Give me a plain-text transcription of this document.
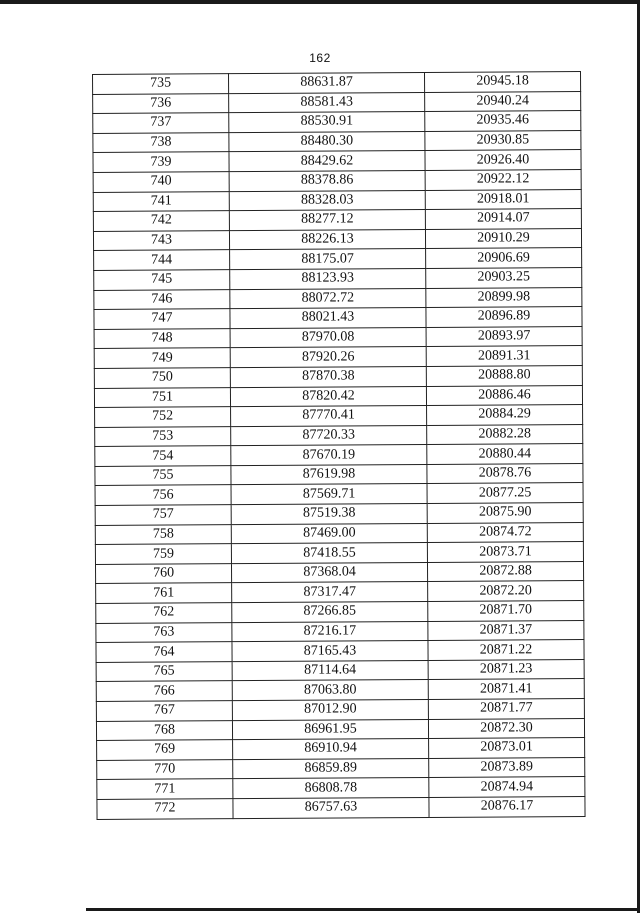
162
735	88631.87	20945.18
736	88581.43	20940.24
737	88530.91	20935.46
738	88480.30	20930.85
739	88429.62	20926.40
740	88378.86	20922.12
741	88328.03	20918.01
742	88277.12	20914.07
743	88226.13	20910.29
744	88175.07	20906.69
745	88123.93	20903.25
746	88072.72	20899.98
747	88021.43	20896.89
748	87970.08	20893.97
749	87920.26	20891.31
750	87870.38	20888.80
751	87820.42	20886.46
752	87770.41	20884.29
753	87720.33	20882.28
754	87670.19	20880.44
755	87619.98	20878.76
756	87569.71	20877.25
757	87519.38	20875.90
758	87469.00	20874.72
759	87418.55	20873.71
760	87368.04	20872.88
761	87317.47	20872.20
762	87266.85	20871.70
763	87216.17	20871.37
764	87165.43	20871.22
765	87114.64	20871.23
766	87063.80	20871.41
767	87012.90	20871.77
768	86961.95	20872.30
769	86910.94	20873.01
770	86859.89	20873.89
771	86808.78	20874.94
772	86757.63	20876.17
